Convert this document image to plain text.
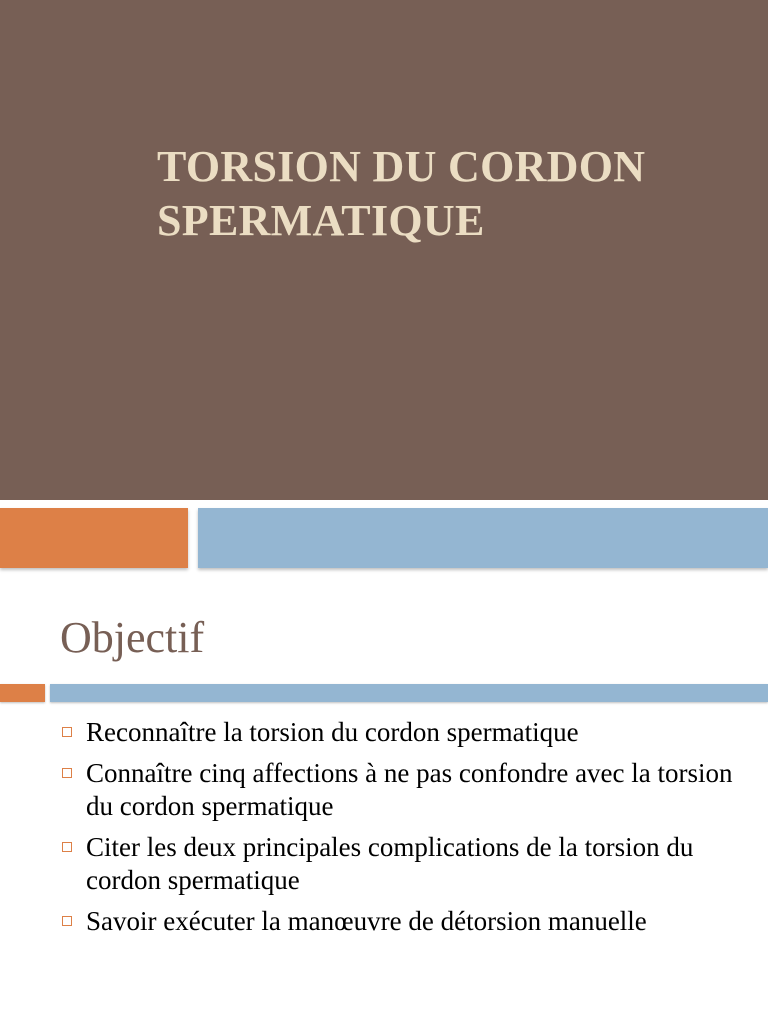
TORSION DU CORDON SPERMATIQUE
Objectif
Reconnaître la torsion du cordon spermatique
Connaître cinq affections à ne pas confondre avec la torsion du cordon spermatique
Citer les deux principales complications de la torsion du cordon spermatique
Savoir exécuter la manœuvre de détorsion manuelle
